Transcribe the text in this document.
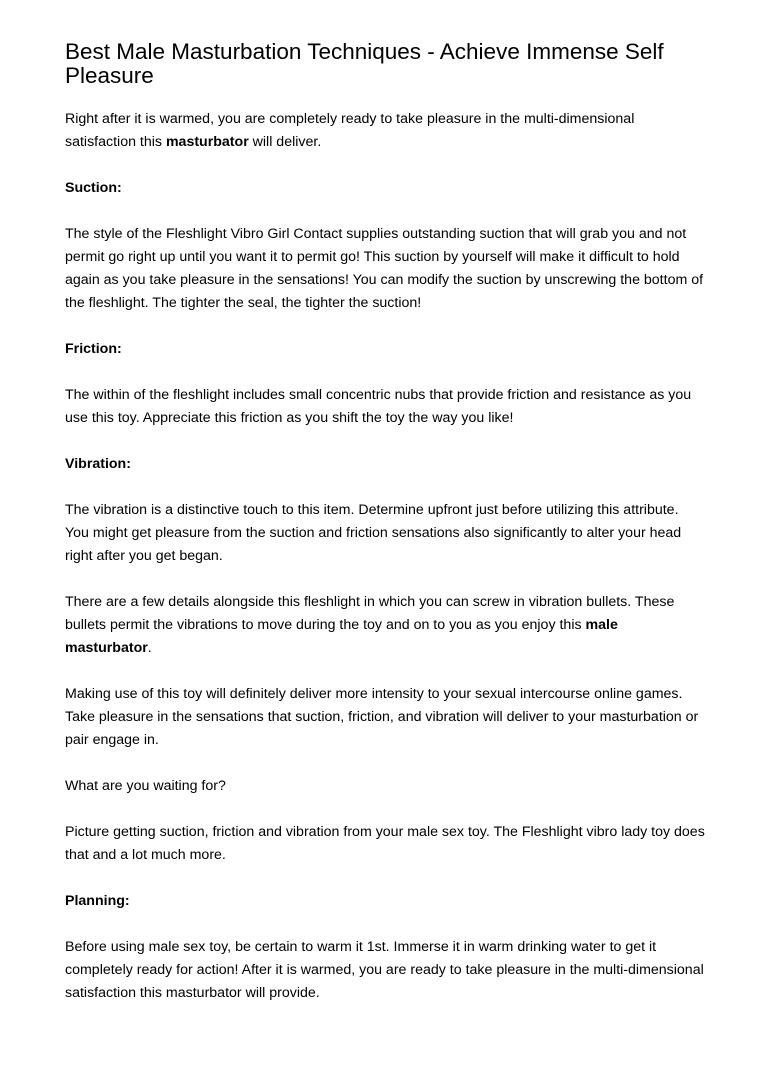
Best Male Masturbation Techniques - Achieve Immense Self Pleasure

Right after it is warmed, you are completely ready to take pleasure in the multi-dimensional satisfaction this masturbator will deliver.

Suction:

The style of the Fleshlight Vibro Girl Contact supplies outstanding suction that will grab you and not permit go right up until you want it to permit go! This suction by yourself will make it difficult to hold again as you take pleasure in the sensations! You can modify the suction by unscrewing the bottom of the fleshlight. The tighter the seal, the tighter the suction!

Friction:

The within of the fleshlight includes small concentric nubs that provide friction and resistance as you use this toy. Appreciate this friction as you shift the toy the way you like!

Vibration:

The vibration is a distinctive touch to this item. Determine upfront just before utilizing this attribute. You might get pleasure from the suction and friction sensations also significantly to alter your head right after you get began.

There are a few details alongside this fleshlight in which you can screw in vibration bullets. These bullets permit the vibrations to move during the toy and on to you as you enjoy this male masturbator.

Making use of this toy will definitely deliver more intensity to your sexual intercourse online games. Take pleasure in the sensations that suction, friction, and vibration will deliver to your masturbation or pair engage in.

What are you waiting for?

Picture getting suction, friction and vibration from your male sex toy. The Fleshlight vibro lady toy does that and a lot much more.

Planning:

Before using male sex toy, be certain to warm it 1st. Immerse it in warm drinking water to get it completely ready for action! After it is warmed, you are ready to take pleasure in the multi-dimensional satisfaction this masturbator will provide.
